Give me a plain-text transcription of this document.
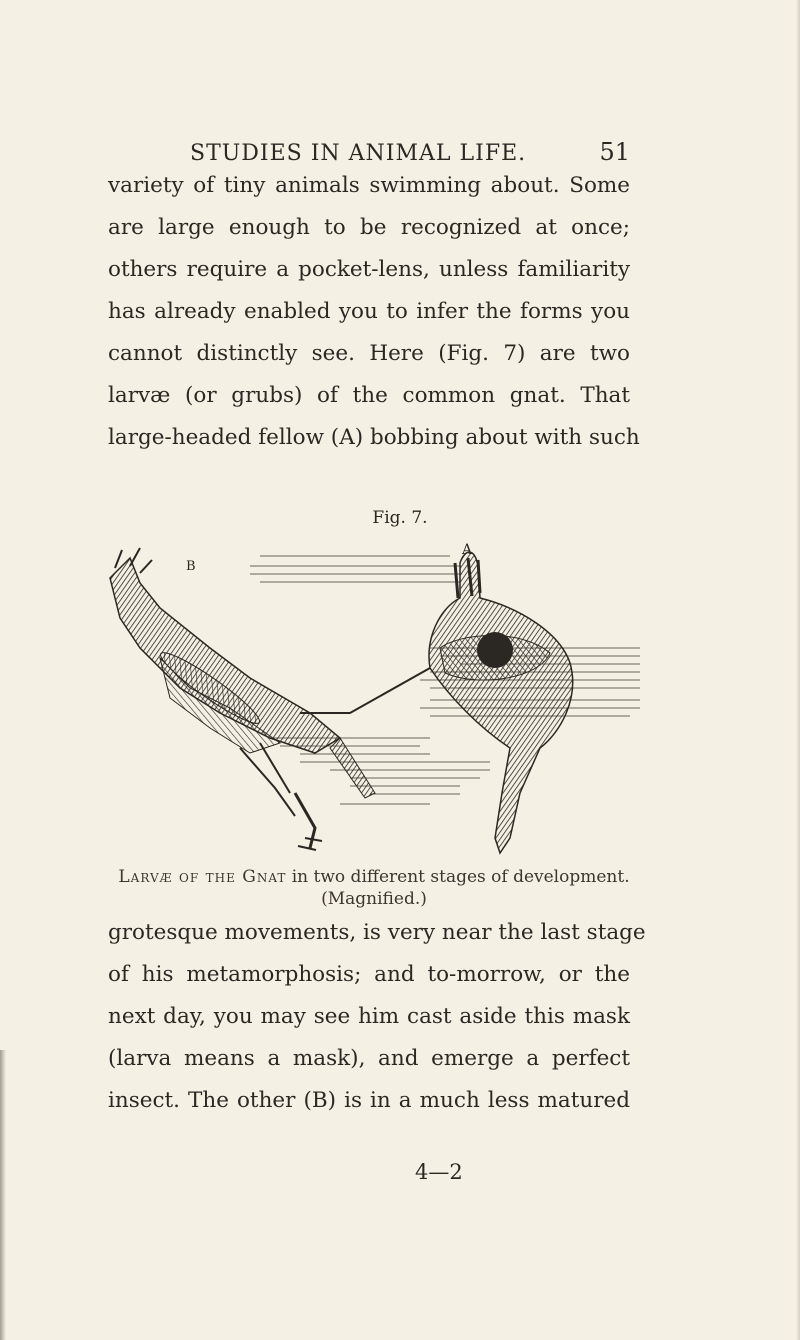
STUDIES IN ANIMAL LIFE.	51
variety of tiny animals swimming about. Some
are large enough to be recognized at once;
others require a pocket-lens, unless familiarity
has already enabled you to infer the forms you
cannot distinctly see. Here (Fig. 7) are two
larvæ (or grubs) of the common gnat. That
large-headed fellow (A) bobbing about with such
Fig. 7.
A
B
Larvæ of the Gnat in two different stages of development.
(Magnified.)
grotesque movements, is very near the last stage
of his metamorphosis; and to-morrow, or the
next day, you may see him cast aside this mask
(larva means a mask), and emerge a perfect
insect. The other (B) is in a much less matured
4—2
